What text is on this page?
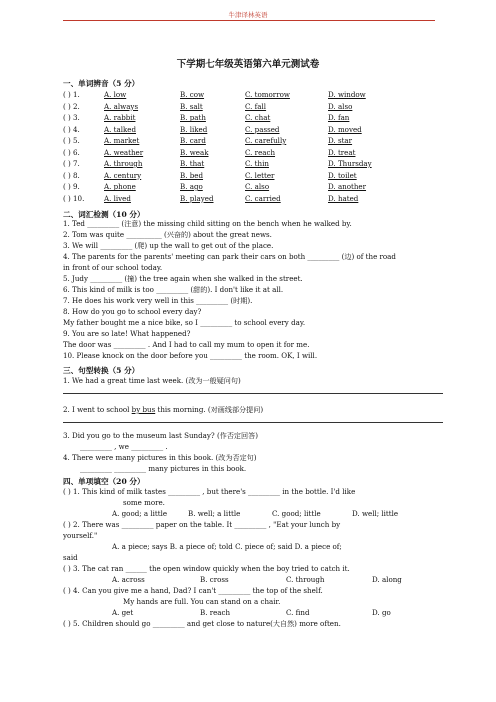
牛津译林英语
下学期七年级英语第六单元测试卷
一、单词辨音（5 分）
( ) 1.	A. low	B. cow	C. tomorrow	D. window
( ) 2.	A. always	B. salt	C. fall	D. also
( ) 3.	A. rabbit	B. path	C. chat	D. fan
( ) 4.	A. talked	B. liked	C. passed	D. moved
( ) 5.	A. market	B. card	C. carefully	D. star
( ) 6.	A. weather	B. weak	C. reach	D. treat
( ) 7.	A. through	B. that	C. thin	D. Thursday
( ) 8.	A. century	B. bed	C. letter	D. toilet
( ) 9.	A. phone	B. ago	C. also	D. another
( ) 10.	A. lived	B. played	C. carried	D. hated
二、词汇检测（10 分）
1. Ted _________ (注意) the missing child sitting on the bench when he walked by.
2. Tom was quite __________ (兴奋的) about the great news.
3. We will _________ (爬) up the wall to get out of the place.
4. The parents for the parents' meeting can park their cars on both _________ (边) of the road
in front of our school today.
5. Judy _________ (撞) the tree again when she walked in the street.
6. This kind of milk is too _________ (甜的). I don't like it at all.
7. He does his work very well in this _________ (时期).
8. How do you go to school every day?
My father bought me a nice bike, so I _________ to school every day.
9. You are so late! What happened?
The door was _________ . And I had to call my mum to open it for me.
10. Please knock on the door before you _________ the room. OK, I will.
三、句型转换（5 分）
1. We had a great time last week. (改为一般疑问句)
2. I went to school by bus this morning. (对画线部分提问)
3. Did you go to the museum last Sunday? (作否定回答)
_________ , we _________ .
4. There were many pictures in this book. (改为否定句)
_________ _________ many pictures in this book.
四、单项填空（20 分）
( ) 1. This kind of milk tastes _________ , but there's _________ in the bottle. I'd like
some more.
A. good; a little	B. well; a little	C. good; little	D. well; little
( ) 2. There was _________ paper on the table. It _________ , "Eat your lunch by
yourself."
A. a piece; says B. a piece of; told C. piece of; said D. a piece of;
said
( ) 3. The cat ran ______ the open window quickly when the boy tried to catch it.
A. across	B. cross	C. through	D. along
( ) 4. Can you give me a hand, Dad? I can't _________ the top of the shelf.
My hands are full. You can stand on a chair.
A. get	B. reach	C. find	D. go
( ) 5. Children should go _________ and get close to nature(大自然) more often.
